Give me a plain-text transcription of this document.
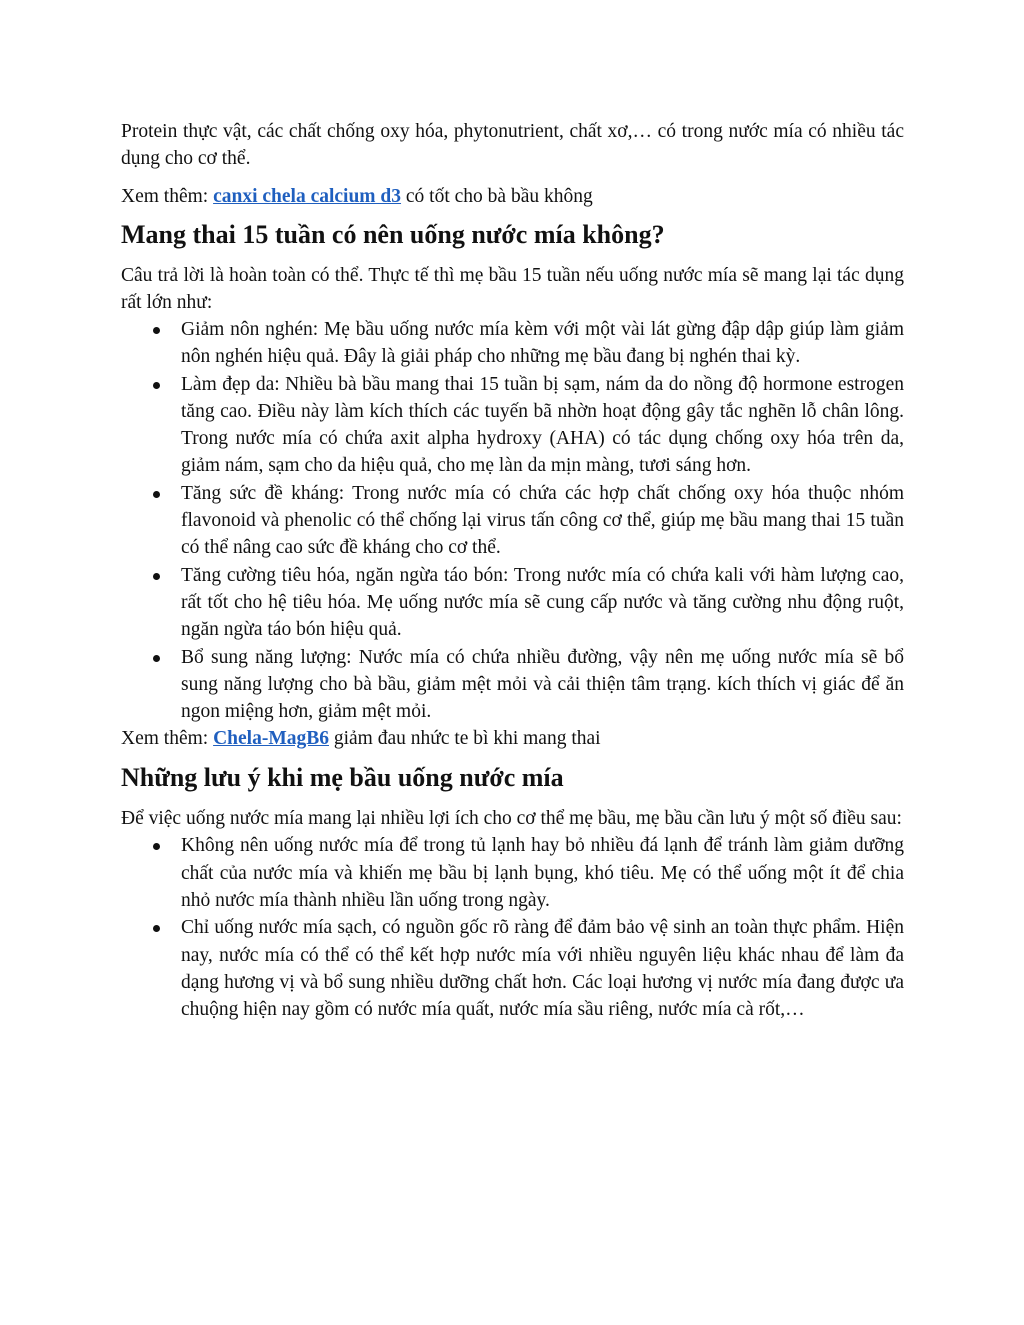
Protein thực vật, các chất chống oxy hóa, phytonutrient, chất xơ,… có trong nước mía có nhiều tác dụng cho cơ thể.

Xem thêm: canxi chela calcium d3 có tốt cho bà bầu không

Mang thai 15 tuần có nên uống nước mía không?

Câu trả lời là hoàn toàn có thể. Thực tế thì mẹ bầu 15 tuần nếu uống nước mía sẽ mang lại tác dụng rất lớn như:

Giảm nôn nghén: Mẹ bầu uống nước mía kèm với một vài lát gừng đập dập giúp làm giảm nôn nghén hiệu quả. Đây là giải pháp cho những mẹ bầu đang bị nghén thai kỳ.
Làm đẹp da: Nhiều bà bầu mang thai 15 tuần bị sạm, nám da do nồng độ hormone estrogen tăng cao. Điều này làm kích thích các tuyến bã nhờn hoạt động gây tắc nghẽn lỗ chân lông. Trong nước mía có chứa axit alpha hydroxy (AHA) có tác dụng chống oxy hóa trên da, giảm nám, sạm cho da hiệu quả, cho mẹ làn da mịn màng, tươi sáng hơn.
Tăng sức đề kháng: Trong nước mía có chứa các hợp chất chống oxy hóa thuộc nhóm flavonoid và phenolic có thể chống lại virus tấn công cơ thể, giúp mẹ bầu mang thai 15 tuần có thể nâng cao sức đề kháng cho cơ thể.
Tăng cường tiêu hóa, ngăn ngừa táo bón: Trong nước mía có chứa kali với hàm lượng cao, rất tốt cho hệ tiêu hóa. Mẹ uống nước mía sẽ cung cấp nước và tăng cường nhu động ruột, ngăn ngừa táo bón hiệu quả.
Bổ sung năng lượng: Nước mía có chứa nhiều đường, vậy nên mẹ uống nước mía sẽ bổ sung năng lượng cho bà bầu, giảm mệt mỏi và cải thiện tâm trạng. kích thích vị giác để ăn ngon miệng hơn, giảm mệt mỏi.

Xem thêm: Chela-MagB6 giảm đau nhức te bì khi mang thai

Những lưu ý khi mẹ bầu uống nước mía

Để việc uống nước mía mang lại nhiều lợi ích cho cơ thể mẹ bầu, mẹ bầu cần lưu ý một số điều sau:

Không nên uống nước mía để trong tủ lạnh hay bỏ nhiều đá lạnh để tránh làm giảm dưỡng chất của nước mía và khiến mẹ bầu bị lạnh bụng, khó tiêu. Mẹ có thể uống một ít để chia nhỏ nước mía thành nhiều lần uống trong ngày.
Chỉ uống nước mía sạch, có nguồn gốc rõ ràng để đảm bảo vệ sinh an toàn thực phẩm. Hiện nay, nước mía có thể có thể kết hợp nước mía với nhiều nguyên liệu khác nhau để làm đa dạng hương vị và bổ sung nhiều dưỡng chất hơn. Các loại hương vị nước mía đang được ưa chuộng hiện nay gồm có nước mía quất, nước mía sầu riêng, nước mía cà rốt,…
